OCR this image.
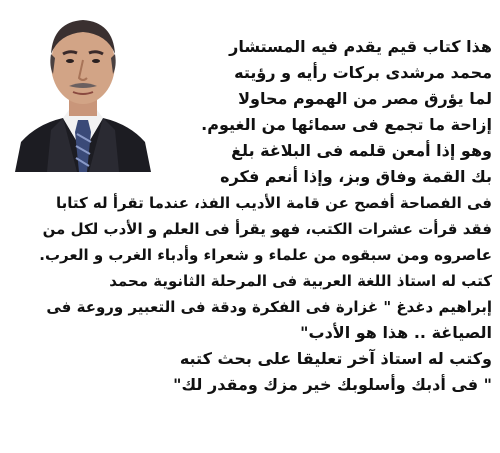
هذا كتاب قيم يقدم فيه المستشار
محمد مرشدى بركات رأيه و رؤيته
لما يؤرق مصر من الهموم محاولا
إزاحة ما تجمع فى سمائها من الغيوم.
وهو إذا أمعن قلمه فى البلاغة بلغ
بك القمة وفاق وبز، وإذا أنعم فكره
فى الفصاحة أفصح عن قامة الأديب الفذ، عندما تقرأ له كتابا
فقد قرأت عشرات الكتب، فهو يقرأ فى العلم و الأدب لكل من
عاصروه ومن سبقوه من علماء و شعراء وأدباء الغرب و العرب.
كتب له استاذ اللغة العربية فى المرحلة الثانوية محمد
إبراهيم دغدغ " غزارة فى الفكرة ودقة فى التعبير وروعة فى
الصياغة .. هذا هو الأدب"
وكتب له استاذ آخر تعليقا على بحث كتبه
" فى أدبك وأسلوبك خير مزك ومقدر لك"
